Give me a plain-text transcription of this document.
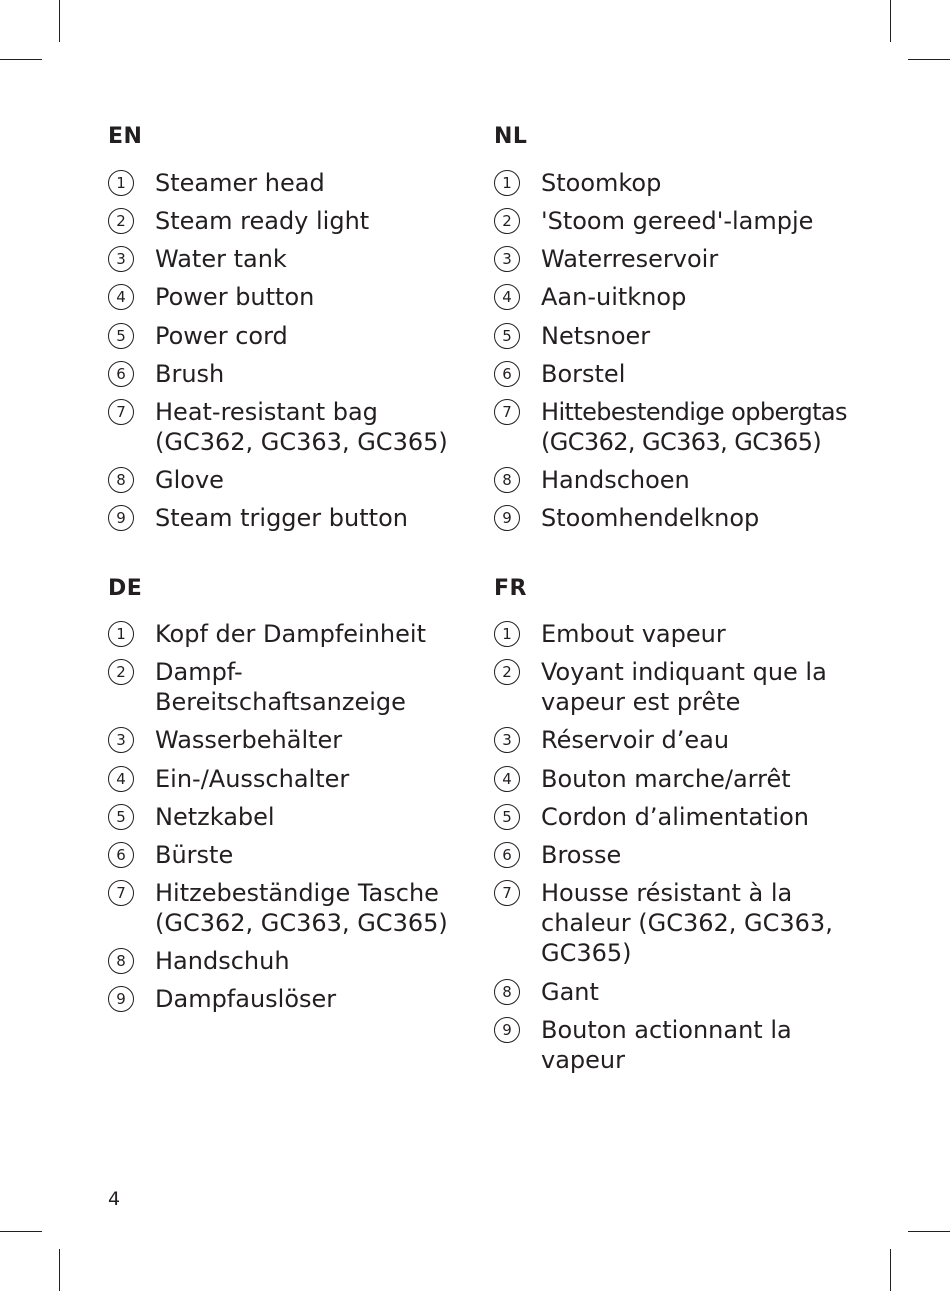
EN
1	Steamer head
2	Steam ready light
3	Water tank
4	Power button
5	Power cord
6	Brush
7	Heat-resistant bag
(GC362, GC363, GC365)
8	Glove
9	Steam trigger button
NL
1	Stoomkop
2	'Stoom gereed'-lampje
3	Waterreservoir
4	Aan-uitknop
5	Netsnoer
6	Borstel
7	Hittebestendige opbergtas
(GC362, GC363, GC365)
8	Handschoen
9	Stoomhendelknop
DE
1	Kopf der Dampfeinheit
2	Dampf-
Bereitschaftsanzeige
3	Wasserbehälter
4	Ein-/Ausschalter
5	Netzkabel
6	Bürste
7	Hitzebeständige Tasche
(GC362, GC363, GC365)
8	Handschuh
9	Dampfauslöser
FR
1	Embout vapeur
2	Voyant indiquant que la
vapeur est prête
3	Réservoir d’eau
4	Bouton marche/arrêt
5	Cordon d’alimentation
6	Brosse
7	Housse résistant à la
chaleur (GC362, GC363,
GC365)
8	Gant
9	Bouton actionnant la
vapeur
4
